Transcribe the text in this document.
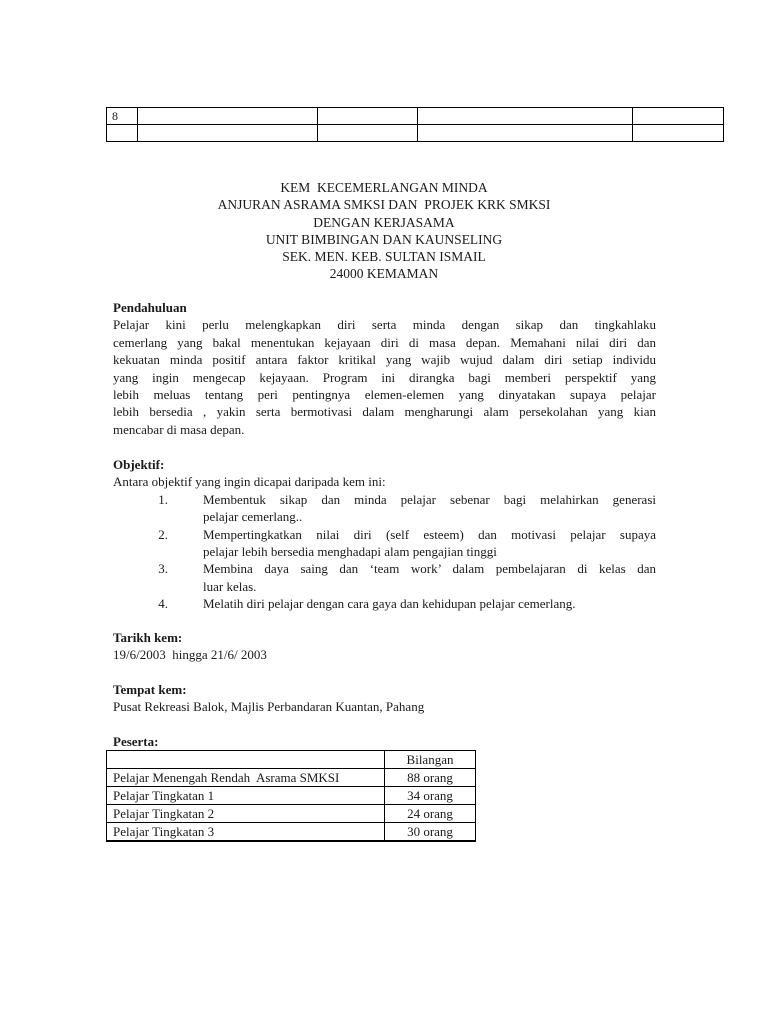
8				

KEM  KECEMERLANGAN MINDA
ANJURAN ASRAMA SMKSI DAN  PROJEK KRK SMKSI
DENGAN KERJASAMA
UNIT BIMBINGAN DAN KAUNSELING
SEK. MEN. KEB. SULTAN ISMAIL
24000 KEMAMAN
Pendahuluan
Pelajar kini perlu melengkapkan diri serta minda dengan sikap dan tingkahlaku
cemerlang yang bakal menentukan kejayaan diri di masa depan. Memahani nilai diri dan
kekuatan minda positif antara faktor kritikal yang wajib wujud dalam diri setiap individu
yang ingin mengecap kejayaan. Program ini dirangka bagi memberi perspektif yang
lebih meluas tentang peri pentingnya elemen-elemen yang dinyatakan supaya pelajar
lebih bersedia , yakin serta bermotivasi dalam mengharungi alam persekolahan yang kian
mencabar di masa depan.
Objektif:
Antara objektif yang ingin dicapai daripada kem ini:
1.	Membentuk sikap dan minda pelajar sebenar bagi melahirkan generasi
pelajar cemerlang..
2.	Mempertingkatkan nilai diri (self esteem) dan motivasi pelajar supaya
pelajar lebih bersedia menghadapi alam pengajian tinggi
3.	Membina daya saing dan ‘team work’ dalam pembelajaran di kelas dan
luar kelas.
4.	Melatih diri pelajar dengan cara gaya dan kehidupan pelajar cemerlang.
Tarikh kem:
19/6/2003  hingga 21/6/ 2003
Tempat kem:
Pusat Rekreasi Balok, Majlis Perbandaran Kuantan, Pahang
Peserta:
	Bilangan
Pelajar Menengah Rendah  Asrama SMKSI	88 orang
Pelajar Tingkatan 1	34 orang
Pelajar Tingkatan 2	24 orang
Pelajar Tingkatan 3	30 orang
